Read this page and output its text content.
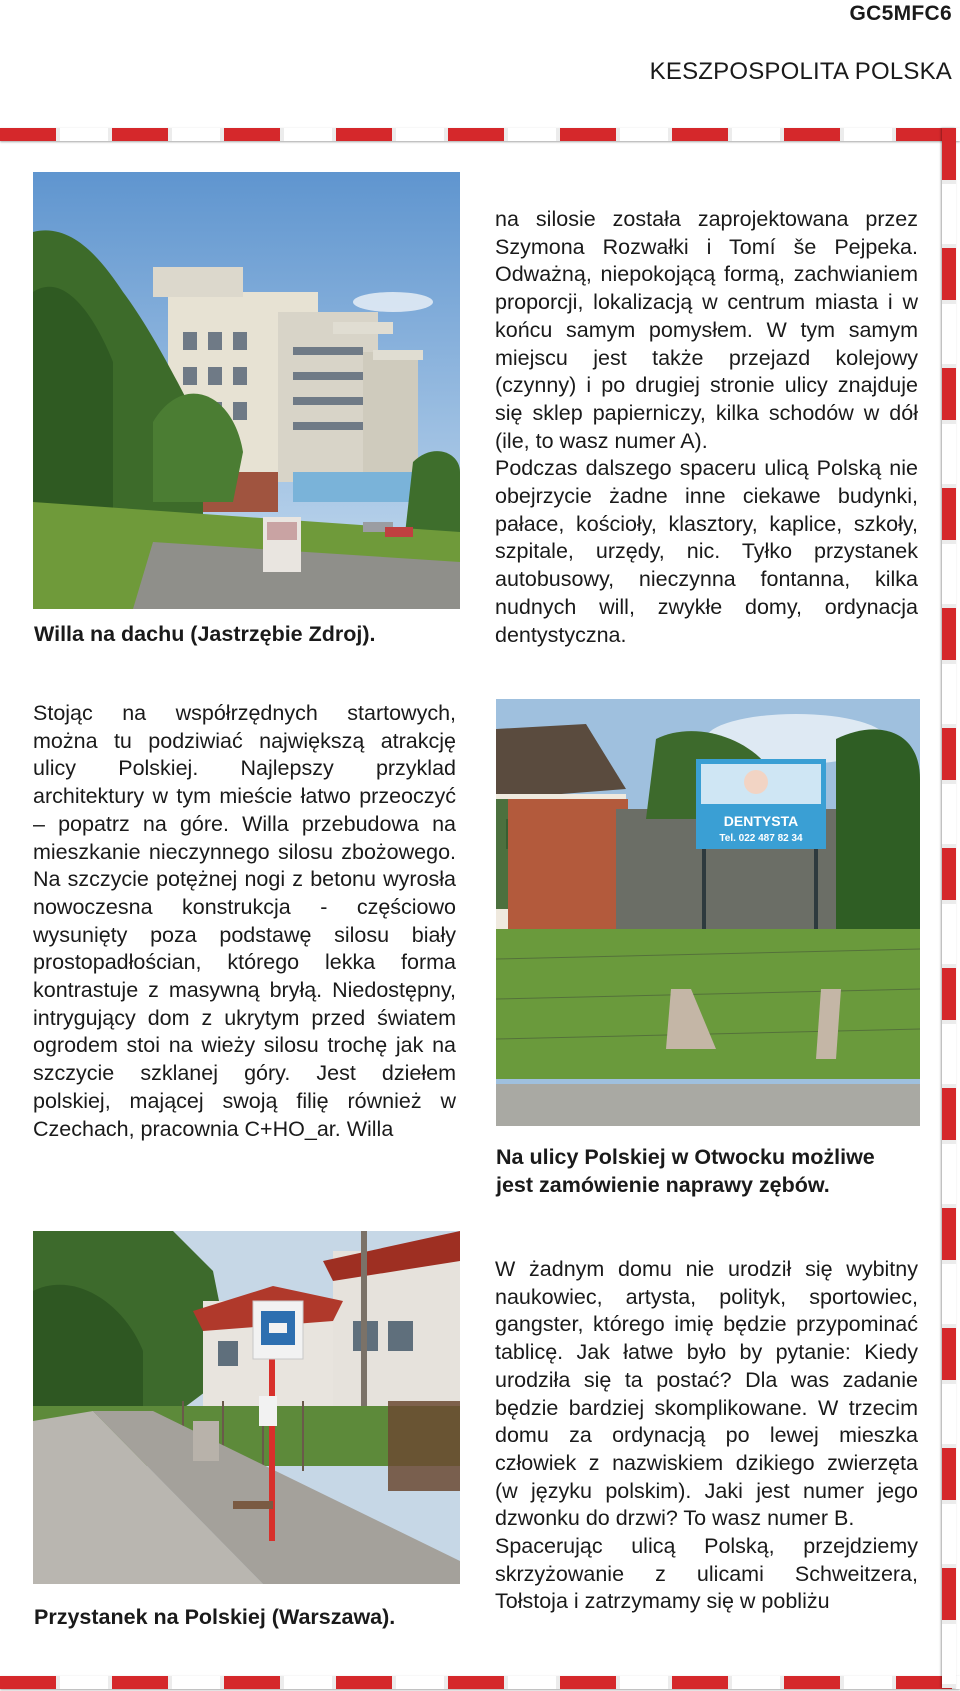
GC5MFC6
KESZPOSPOLITA POLSKA
Willa na dachu (Jastrzębie Zdroj).
Stojąc na współrzędnych startowych, można tu podziwiać największą atrakcję ulicy Polskiej. Najlepszy przyklad architektury w tym mieście łatwo przeoczyć – popatrz na góre. Willa przebudowa na mieszkanie nieczynnego silosu zbożowego. Na szczycie potężnej nogi z betonu wyrosła nowoczesna konstrukcja - częściowo wysunięty poza podstawę silosu biały prostopadłościan, którego lekka forma kontrastuje z masywną bryłą. Niedostępny, intrygujący dom z ukrytym przed światem ogrodem stoi na wieży silosu trochę jak na szczycie szklanej góry. Jest dziełem polskiej, mającej swoją filię również w Czechach, pracownia C+HO_ar. Willa
Przystanek na Polskiej (Warszawa).

na silosie została zaprojektowana przez Szymona Rozwałki i Tomí še Pejpeka. Odważną, niepokojącą formą, zachwianiem proporcji, lokalizacją w centrum miasta i w końcu samym pomysłem. W tym samym miejscu jest także przejazd kolejowy (czynny) i po drugiej stronie ulicy znajduje się sklep papierniczy, kilka schodów w dół (ile, to wasz numer A).

Podczas dalszego spaceru ulicą Polską nie obejrzycie żadne inne ciekawe budynki, pałace, kościoły, klasztory, kaplice, szkoły, szpitale, urzędy, nic. Tyłko przystanek autobusowy, nieczynna fontanna, kilka nudnych will, zwykłe domy, ordynacja dentystyczna.

DENTYSTA
Tel. 022 487 82 34
Na ulicy Polskiej w Otwocku możliwe jest zamówienie naprawy zębów.

W żadnym domu nie urodził się wybitny naukowiec, artysta, polityk, sportowiec, gangster, którego imię będzie przypominać tablicę. Jak łatwe było by pytanie: Kiedy urodziła się ta postać? Dla was zadanie będzie bardziej skomplikowane. W trzecim domu za ordynacją po lewej mieszka człowiek z nazwiskiem dzikiego zwierzęta (w języku polskim). Jaki jest numer jego dzwonku do drzwi? To wasz numer B.

Spacerując ulicą Polską, przejdziemy skrzyżowanie z ulicami Schweitzera, Tołstoja i zatrzymamy się w pobliżu
